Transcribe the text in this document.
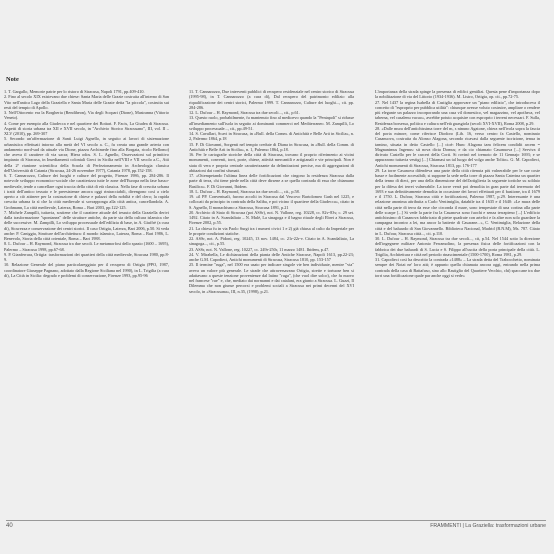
Note

1. T. Gargallo, Memorie patrie per lo ristoro di Siracusa, Napoli 1791, pp.409-410.

2. Fino al secolo XIX esistevano due chiese: Santa Maria delle Grazie costruita all'interno di San Vito nell'antica Lago della Graziella e Santa Maria delle Grazie detta "la piccola", costruita sui resti del tempio di Apollo.

3. Nell'Ottocento era la Borgheria (Rendiheon), Via degli Scopari (Dione), Mastranna (Vittorio Veneto).

4. Come per esempio alla Giudecca e nel quartiere dei Bottari. F. Facis, La Giudea di Siracusa. Aspetti di storia urbana tra XII e XVII secolo, in "Archivio Storico Siracusano", III, vol. II – XLV (2010), pp. 269-307

5. Secondo un'affermazione di Santi Luigi Agnello, in seguito ai lavori di sistemazione urbanistica effettuati intorno alla metà del VI secolo a. C., fu creata una grande arteria con andamento nord-sud da attuale via Dione, piazza Archimede fino alla Borgata, ricolo Bellomo) che aveva il carattere di via sacra; Hiera odos. S. L. Agnello, Osservazioni sul primitivo impianto di Siracusa, in Insediamenti coloniali Greci in Sicilia nell'VIII e VII secolo a.C., Atti della 2ª riunione scientifica della Scuola di Perfezionamento in Archeologia classica dell'Università di Catania (Siracusa, 24-26 novembre 1977), Catania 1978, pp.152-158.

6. T. Cannarozzo, Culture dei luoghi e culture del progetto, Firenze 1986, pp. 284-286. Il notevole sviluppo economico-sociale che caratterizza tutte le zone dell'Europa nella fase basso-medievale, tende a cancellare ogni traccia della città di età classica. Nella fase di crescita urbana i tratti dell'antico tessuto e le preesistenze ancora oggi rintracciabili, divengono così a cielo aperto a ciò attinere per la costruzione di chiese e palazzi della nobiltà e del clero; la rapida crescita urbana fa sì che la città medievale si sovrapponga alla città antica, cancellandola. A. Grohmann, La città medievale, Laterza, Roma – Bari 2003, pp.122-125.

7. Michele Zampilli, tuttavia, sostiene che il carattere attuale del tessuto della Graziella derivi dalla trasformazione "spontanea" delle strutture antiche, da parte sia della cultura islamica che delle successive. M. Zampilli, Lo sviluppo processuale dell'edilizia di base, in A. Giuffrè (a cura di), Sicurezza e conservazione dei centri storici. Il caso Ortigia, Laterza, Bari 2006, p.50. Si veda anche: P. Caniggia, Strutture dell'architettura: il mondo islamico, Laterza, Roma – Bari 1986, L. Benevolo, Storia della città orientale, Roma – Bari 1988.

8. L. Dufour – H. Raymond, Siracusa tra due secoli. Le metamorfosi dello spazio (1600 – 1695), Palermo – Siracusa 1998, pp.67-68.

9. P. Gianferrara, Ortigia: trasformazioni dei quartieri della città medievale, Siracusa 1980, pp.8-9.

10. Relazione Generale del piano particolareggiato per il recupero di Ortigia (PPO, 1987, coordinatore Giuseppe Pagnano, adottato dalla Regione Siciliana nel 1990), in L. Trigilia (a cura di), La Città in Sicilia: degrado e problemi di conservazione, Firenze 1993, pp.95-96

11. T. Cannarozzo, Due interventi pubblici di recupero residenziale nel centro storico di Siracusa (1995-98), in T. Cannarozzo (a cura di), Dal recupero del patrimonio edilizio alla riqualificazione dei centri storici, Palermo 1999. T. Cannarozzo, Culture dei luoghi..., cit. pp. 284-286.

12. L. Dufour – H. Raymond, Siracusa tra due secoli..., cit., p.61.

13. Questo ruolo, probabilmente, fu mantenuto fino al medioevo quando la "Pentapoli" si ridusse all'insediamento sull'isola in seguito ai dominanti commerci nel Mediterraneo. M. Zampilli, Lo sviluppo processuale..., cit., pp.49-51.

14. S. Cavallari, Scavi in Siracusa, in «Bull. della Comm. di Antichità e Belle Arti in Sicilia», n. 2, Palermo 1864, p.18

15. F. Di Giovanni, Sorgenti nel tempio credute di Diana in Siracusa, in «Bull. della Comm. di Antichità e Belle Arti in Sicilia», n. 1, Palermo 1864, p.18.

16. Per le cartografie storiche della città di Siracusa, trovano il proprio riferimento ai vicini monumenti, conventi, torri, porte, chiese, attività mercantili e artigianali e vie principali. Non è stata di vera e propria centrale caratterizzante da delimitazioni precise, ma di aggregazioni di abitazioni dai confini sfumati.

17. «Ottempetando l'ultima linea delle fortificazioni che cingono la residenza Siracusa dalla parte di terra, chi tiene piede nella città deve dirsene a se quella contrada di essa che chiamano Basilica». F. Di Giovanni, Ibidem.

18. L. Dufour – H. Raymond, Siracusa tra due secoli..., cit., p.58.

19. «il PP. Conventuali, furono accolti in Siracusa dal Vescovo Bartolomeo Gash nel 1225, e collocati da principio in contrada della Saliba, e poi vicino il quartiere della Giudecca», citato in S. Agnello, Il monachismo a Siracusa, Siracusa 1891, p.21

20. Archivio di Stato di Siracusa (poi ASSr), not. N. Vallone, reg. 10228, cc. 82v-83v, c. 29 set. 1492. Citato in A. Scandaliato – N. Mulè, La sinagoga e il bagno rituale degli Ebrei a Siracusa, Firenze 2002, p.55.

21. La chiesa fu in via Paolo Surgi tra i numeri civici 1 e 2) già chiusa al culto da Imperiale per le proprie condizioni statiche.

22. ASSr, not. A. Pidoni, reg. 10245, 13 nov. 1484, cc. 21r-22r-v. Citato in A. Scandaliato, La sinagoga..., cit., p.55.

23. ASSr, not. N. Vallone, reg. 10227, cc. 249r-250r, 11 marzo 1481. Ibidem, p.47.

24. V. Mirabella, Le dichiarazioni della pianta delle Antiche Siracuse, Napoli 1613, pp.22-23; anche G.M. Capodieci, Antichi monumenti di Siracusa, Siracusa 1810, pp. 153-157

25. Il termine "ruga", nel 1500 era usato per indicare singole vie ben individuate, mentre "via" aveva un valore più generale. Le strade che attraversavano Ortigia, strette e tortuose ben si adattavano a queste tenzione provenienze dal latino "ruga", (che vuol dire solco), che fu nuovo nel francese "rue" e, che, mediato dai normanni e dai catalani, era giunto a Siracusa. L. Guzzi, Il Dilemma che non giunse percorsi e problemi sociali a Siracusa nei primi decenni del XVI secolo, in «Siracusana», III, n.35, (1998), p.21.

L'importanza della strada spinge la presenza di edifici gentilizi. Questa pene d'importanza dopo la nobilitazione di via del Littorio (1934-1936). M. Listro, Ortigia, op. cit., pp.72-75.

27. Nel 1437 la regina Isabella di Castiglia approvare un "piano edilizio", che introduceva il concetto di "esproprio per pubblica utilità": chiunque avesse voluto costruire, ampliare o rendere più elegante un palazzo incorporando una casa vil domestico, vel magazzino, vel apotheca, vel taberna, vel casalenu vacuo», avrebbe potuto acquisire con esproprio i terreni necessari. F. Sulla, Residenza borsessa, politica e cultura nell'età guasgiola (secoli XVI-XVII), Roma 2008, p.29.

28. «Dalle mura dell'antichissima torre del m, s ninuno Agatone, chiera nell'ivola sopra la fascia del porta minore, come riferisce Diodoro (Lib. 16, verso centro fa Castello, nominato Casanuova, costruita da Alonso Alagona, secondo ricavasi dalla seguente iscrizione, tenua in tamino, situata in detto Castello [...] cioè: Hunc Alagona tam felicem condidit arcem = Magnanimus Ingenus: sit nova dicta Domus; e da cio chiamato Casanuova [...] Serviva il dirivato Castello per le carceri della Corti. Si rovinò nel tremoto de 11 Gennajo 1693; e se appurarono tuttavia vestigj [...] Chiamasi un tal luogo del volgo anche Tolito». G. M. Capodieci, Antichi monumenti di Siracusa, Siracusa 1813, pp. 176-177

29. La torre Casanova difendeva una parte della città ritenuta più vulnerabile per le sue coste basse e facilmente accessibili; si suppone la sede nella torre di piazza Santa Caterina un quartier della tenno di dieci, per una della dimensione del dell'artiglieria la seguente tortiche su soldato per la difesa dei terrei vulnerabile. La torre verrà poi demolita in gran parte dal terremoto del 1693 e sua definitivamente demolita in occasione dei lavori effettuati per il bastione, tra il 1679 e il 1750. L. Dufour, Siracusa città e fortificazioni, Palermo 1987, p.29. Interessante è una relazione anonima attribuita a Carlo Ventimiglia, databile tra il 1635 e il 1640: «Le mura delle città nella parte di terra da esse che circonda il mare, sono tempestate di una cortina alla parte delle scarpe [...] Si vede la parte fra la Casanova sono fuochi e senza terrapieno [...] L'edificio antichissimo di Casanova fabbricato di pietre quadrate con artefici e fa altre non solo guardare la campagna incontro a lei, ma ancor la batterie di Casarane...», C. Ventimiglia, Relazione della città e del baluardo di San Giovannello. Biblioteca Nacional, Madrid (B.N.M), Ms. 787. Citato in L. Dufour, Siracusa città..., cit. p.110.

30. L. Dufour – H. Raymond, Siracusa tra due secoli..., cit, p.54. Nel 1544 sotto la direzione dell'ingegnere militare Antonio Ferramolino, la presenza fisica delle fortificazioni con la fabbrica dei due baluardi di S. Lucia e S. Filippo all'uscita della porta principale della città. L. Trigilia, Architettura e città nel periodo rinascimentale (1500-1700), Roma 1981, p.29.

31. Capodieci così ha descritto la contrada «1488» – La strada detta del Trabocchetto, nominata sempre dei Notai ne' loro atti; è appunto quella chiamata ancora oggi, entrando nella prima contrada della casa di Battafuso, sino allo Rastiglio del Quartiere Vecchio, chi) spaccane tra due torri una fortificazione quale par anche oggi si vede»

40	FRAMMENTI | La Graziella: trasformazioni urbane
